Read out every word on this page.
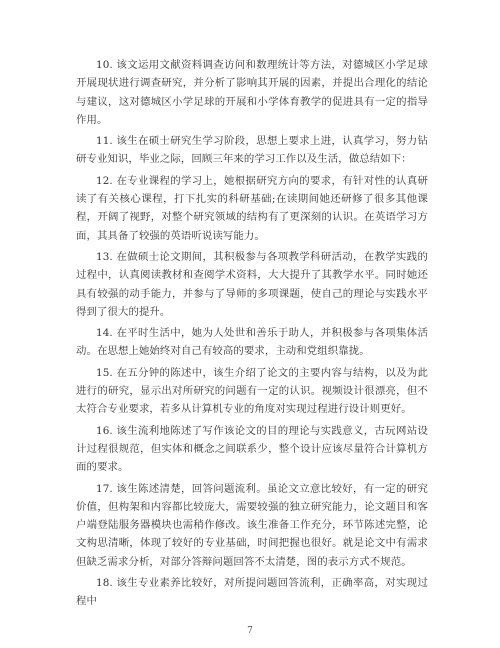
10. 该文运用文献资料调查访问和数理统计等方法，对德城区小学足球开展现状进行调查研究，并分析了影响其开展的因素，并提出合理化的结论与建议，这对德城区小学足球的开展和小学体育教学的促进具有一定的指导作用。

11. 该生在硕士研究生学习阶段，思想上要求上进，认真学习，努力钻研专业知识，毕业之际，回顾三年来的学习工作以及生活，做总结如下：

12. 在专业课程的学习上，她根据研究方向的要求，有针对性的认真研读了有关核心课程，打下扎实的科研基础;在读期间她还研修了很多其他课程，开阔了视野，对整个研究领域的结构有了更深刻的认识。在英语学习方面，其具备了较强的英语听说读写能力。

13. 在做硕士论文期间，其积极参与各项教学科研活动，在教学实践的过程中，认真阅读教材和查阅学术资料，大大提升了其教学水平。同时她还具有较强的动手能力，并参与了导师的多项课题，使自己的理论与实践水平得到了很大的提升。

14. 在平时生活中，她为人处世和善乐于助人，并积极参与各项集体活动。在思想上她始终对自己有较高的要求，主动和党组织靠拢。

15. 在五分钟的陈述中，该生介绍了论文的主要内容与结构，以及为此进行的研究，显示出对所研究的问题有一定的认识。视频设计很漂亮，但不太符合专业要求，若多从计算机专业的角度对实现过程进行设计则更好。

16. 该生流利地陈述了写作该论文的目的理论与实践意义，古玩网站设计过程很规范，但实体和概念之间联系少，整个设计应该尽量符合计算机方面的要求。

17. 该生陈述清楚，回答问题流利。虽论文立意比较好，有一定的研究价值，但构架和内容都比较庞大，需要较强的独立研究能力，论文题目和客户端登陆服务器模块也需稍作修改。该生准备工作充分，环节陈述完整，论文构思清晰，体现了较好的专业基础，时间把握也很好。就是论文中有需求但缺乏需求分析，对部分答辩问题回答不太清楚，图的表示方式不规范。

18. 该生专业素养比较好，对所提问题回答流利，正确率高，对实现过程中

7
